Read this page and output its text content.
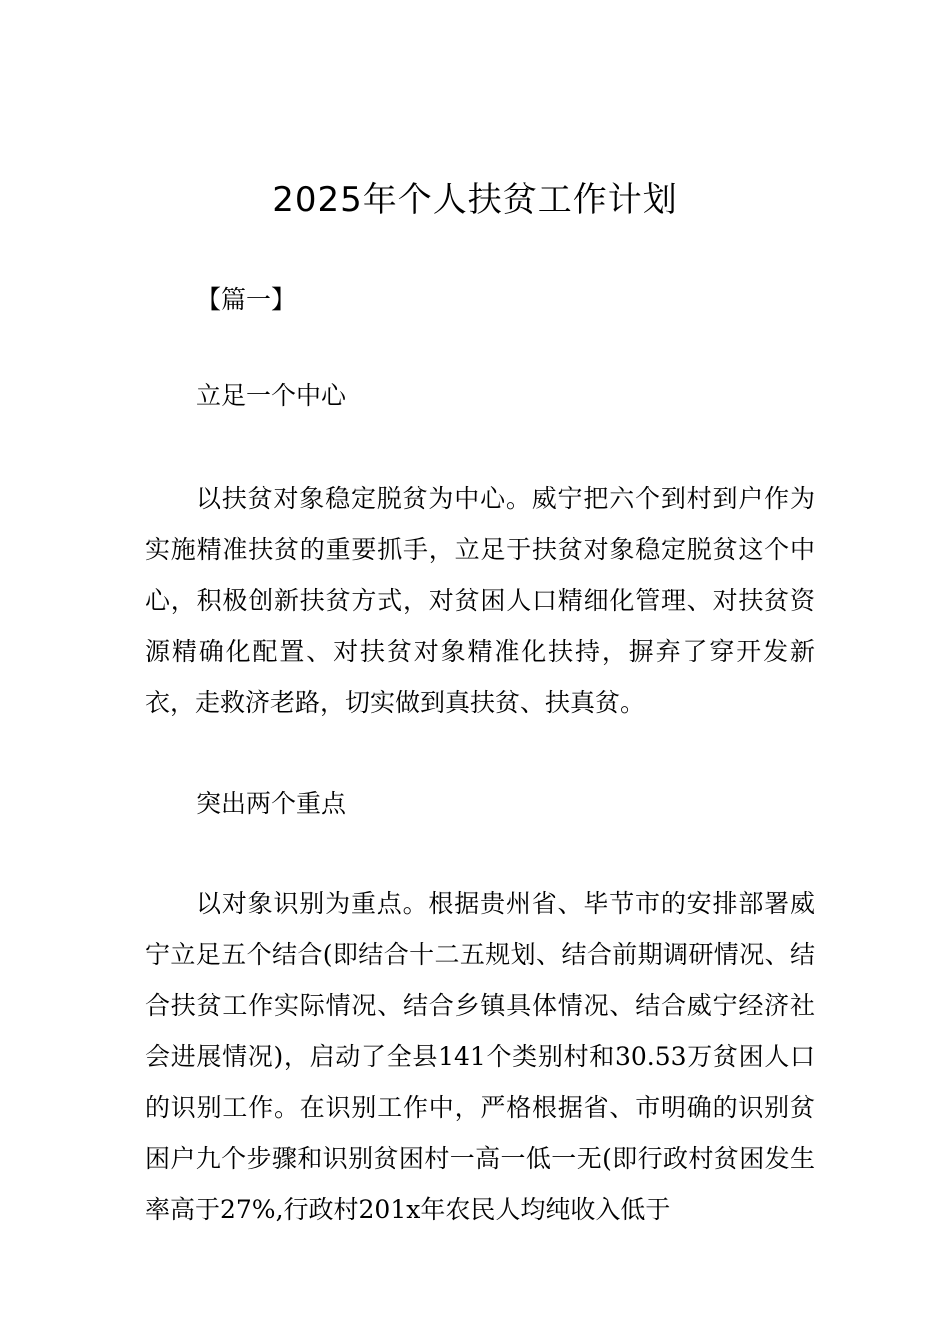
2025年个人扶贫工作计划
【篇一】
立足一个中心
以扶贫对象稳定脱贫为中心。威宁把六个到村到户作为实施精准扶贫的重要抓手，立足于扶贫对象稳定脱贫这个中心，积极创新扶贫方式，对贫困人口精细化管理、对扶贫资源精确化配置、对扶贫对象精准化扶持，摒弃了穿开发新衣，走救济老路，切实做到真扶贫、扶真贫。
突出两个重点
以对象识别为重点。根据贵州省、毕节市的安排部署威宁立足五个结合(即结合十二五规划、结合前期调研情况、结合扶贫工作实际情况、结合乡镇具体情况、结合威宁经济社会进展情况)，启动了全县141个类别村和30.53万贫困人口的识别工作。在识别工作中，严格根据省、市明确的识别贫困户九个步骤和识别贫困村一高一低一无(即行政村贫困发生率高于27%,行政村201x年农民人均纯收入低于
